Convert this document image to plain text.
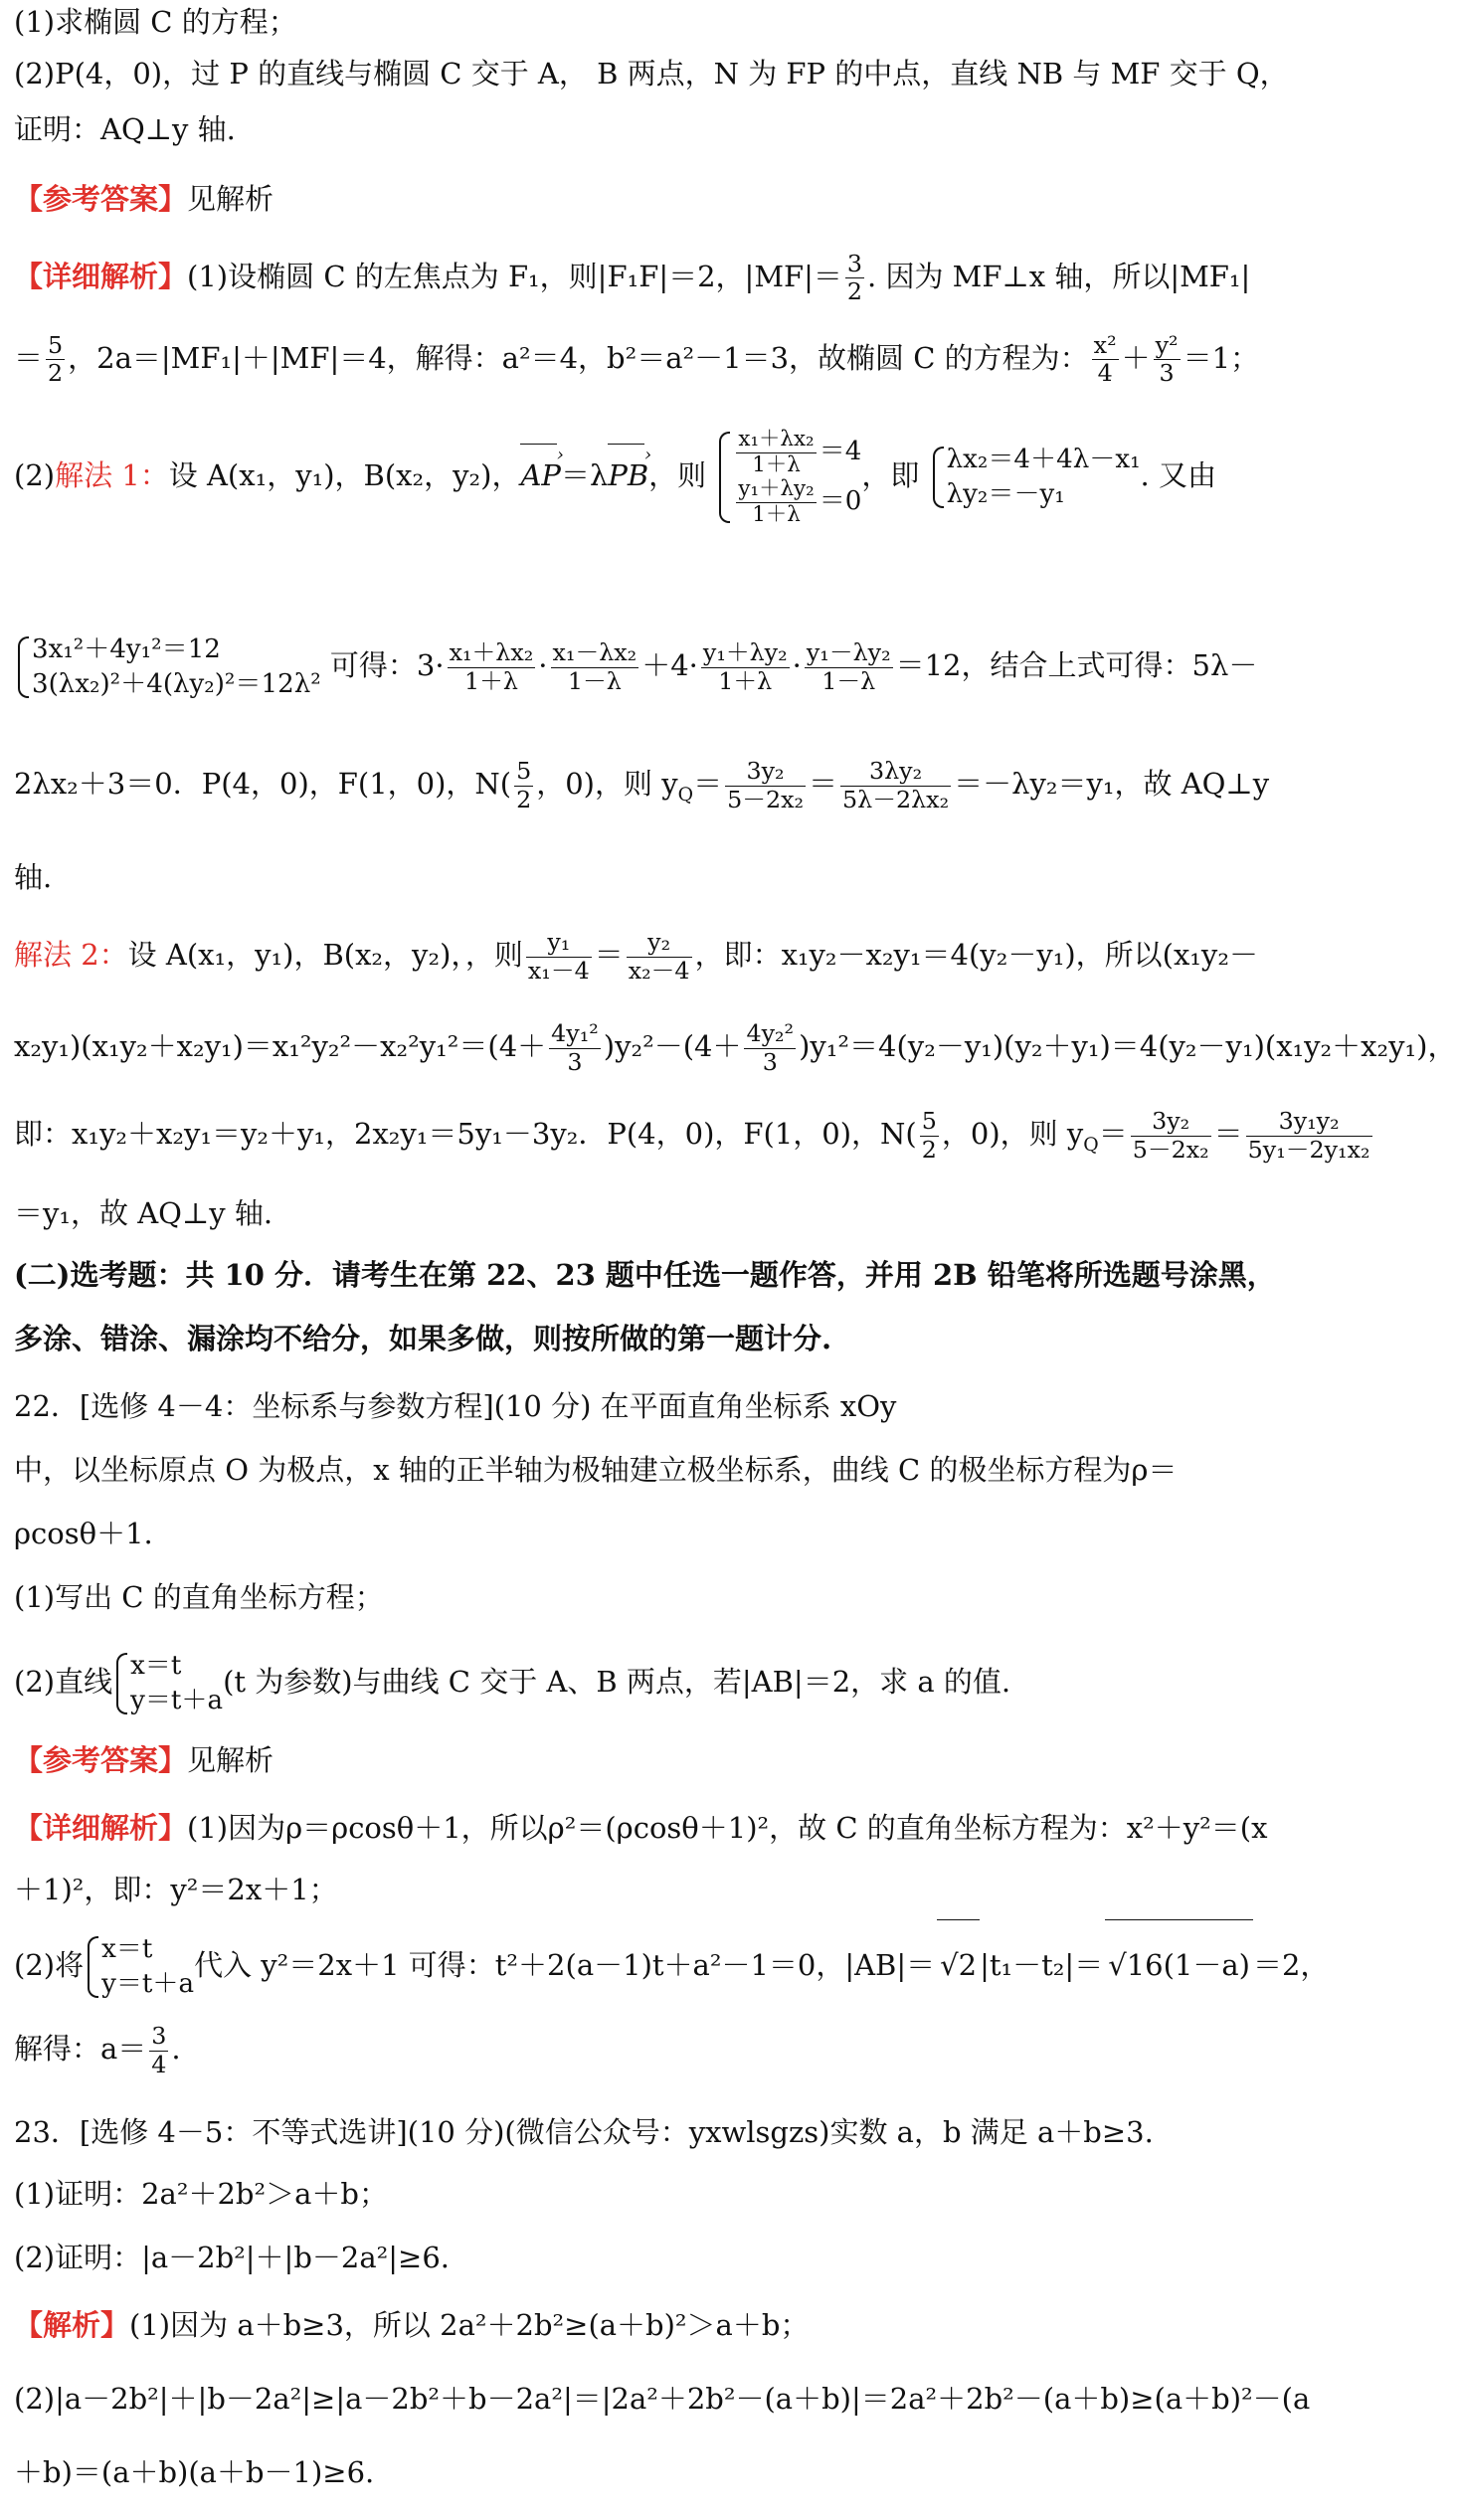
(1)求椭圆 C 的方程；
(2)P(4，0)，过 P 的直线与椭圆 C 交于 A， B 两点，N 为 FP 的中点，直线 NB 与 MF 交于 Q，
证明：AQ⊥y 轴.
【参考答案】见解析
【详细解析】(1)设椭圆 C 的左焦点为 F₁，则|F₁F|＝2，$|MF|= \frac{3}{2}$ . 因为 MF⊥x 轴，所以|MF₁|
＝ $\frac{5}{2}$ ，2a＝|MF₁|＋|MF|＝4，解得：a²＝4，b²＝a²－1＝3，故椭圆 C 的方程为： $\frac{\text{x²}}{4} + \frac{\text{y²}}{3} =1$；
(2)解法 1：设 A(x₁，y₁)，B(x₂，y₂)，AP ›＝λPB ›，则 $\frac{\text{x₁＋λx₂}}{1+\lambda} =4$
$\frac{\text{y₁＋λy₂}}{1+\lambda} =0$
，即 λx₂＝4＋4λ－x₁
λy₂＝－y₁
. 又由
3x₁²＋4y₁²＝12
3(λx₂)²＋4(λy₂)²＝12λ²
可得：$3\cdot \frac{\text{x₁＋λx₂}}{1+\lambda} \cdot \frac{\text{x₁－λx₂}}{1-\lambda} +4\cdot \frac{\text{y₁＋λy₂}}{1+\lambda} \cdot \frac{\text{y₁－λy₂}}{1-\lambda} =12$，结合上式可得：5λ－
2λx₂＋3＝0．P(4，0)，F(1，0)，$N( \frac{5}{2}$ ，0)，则 $y_Q= \frac{\text{3y₂}}{\text{5－2x₂}} = \frac{\text{3λy₂}}{\text{5λ－2λx₂}} =-\lambda y_2=y_1$，故 AQ⊥y
轴.
解法 2：设 A(x₁，y₁)，B(x₂，y₂)，，则 $\frac{\text{y₁}}{\text{x₁－4}} = \frac{\text{y₂}}{\text{x₂－4}}$ ，即：x₁y₂－x₂y₁＝4(y₂－y₁)，所以(x₁y₂－
$x_2y_1)(x_1y_2+x_2y_1)=x_1^2y_2^2-x_2^2y_1^2=(4+ \frac{\text{4y₁²}}{3} )y_2^2-(4+ \frac{\text{4y₂²}}{3} )y_1^2=4(y_2-y_1)(y_2+y_1)=4(y_2-y_1)(x_1y_2+x_2y_1)$，
即：x₁y₂＋x₂y₁＝y₂＋y₁，2x₂y₁＝5y₁－3y₂．P(4，0)，F(1，0)，$N( \frac{5}{2}$ ，0)，则 $y_Q= \frac{\text{3y₂}}{\text{5－2x₂}} = \frac{\text{3y₁y₂}}{\text{5y₁－2y₁x₂}}$
＝y₁，故 AQ⊥y 轴.
(二)选考题：共 10 分．请考生在第 22、23 题中任选一题作答，并用 2B 铅笔将所选题号涂黑，
多涂、错涂、漏涂均不给分，如果多做，则按所做的第一题计分.
22．[选修 4－4：坐标系与参数方程](10 分) 在平面直角坐标系 xOy
中，以坐标原点 O 为极点，x 轴的正半轴为极轴建立极坐标系，曲线 C 的极坐标方程为ρ＝
ρcosθ＋1.
(1)写出 C 的直角坐标方程；
(2)直线 x＝t
y＝t＋a
(t 为参数)与曲线 C 交于 A、B 两点，若|AB|＝2，求 a 的值.
【参考答案】见解析
【详细解析】(1)因为ρ＝ρcosθ＋1，所以ρ²＝(ρcosθ＋1)²，故 C 的直角坐标方程为：x²＋y²＝(x
＋1)²，即：y²＝2x＋1；
(2)将 x＝t
y＝t＋a
代入 y²＝2x＋1 可得：t²＋2(a－1)t＋a²－1＝0，|AB|＝ √2 |t₁－t₂|＝ √16(1－a) ＝2，
解得：$a= \frac{3}{4}$ .
23．[选修 4－5：不等式选讲](10 分)(微信公众号：yxwlsgzs)实数 a，b 满足 a＋b≥3.
(1)证明：2a²＋2b²＞a＋b；
(2)证明：|a－2b²|＋|b－2a²|≥6.
【解析】(1)因为 a＋b≥3，所以 2a²＋2b²≥(a＋b)²＞a＋b；
(2)|a－2b²|＋|b－2a²|≥|a－2b²＋b－2a²|＝|2a²＋2b²－(a＋b)|＝2a²＋2b²－(a＋b)≥(a＋b)²－(a
＋b)＝(a＋b)(a＋b－1)≥6.
